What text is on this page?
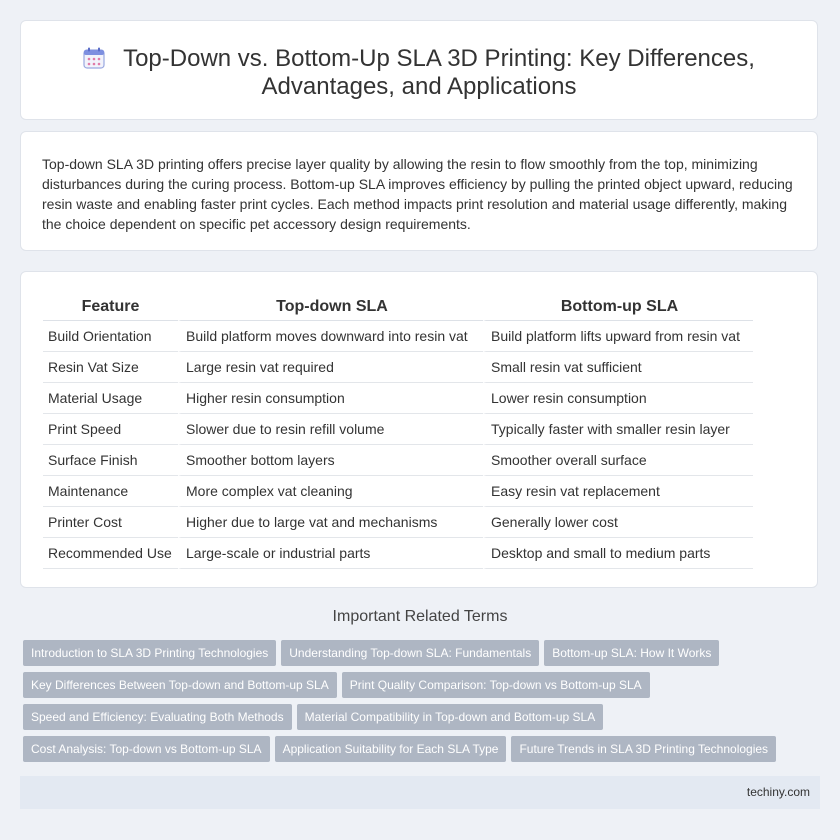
Top-Down vs. Bottom-Up SLA 3D Printing: Key Differences,
Advantages, and Applications

Top-down SLA 3D printing offers precise layer quality by allowing the resin to flow smoothly from the top, minimizing disturbances during the curing process. Bottom-up SLA improves efficiency by pulling the printed object upward, reducing resin waste and enabling faster print cycles. Each method impacts print resolution and material usage differently, making the choice dependent on specific pet accessory design requirements.

Feature	Top-down SLA	Bottom-up SLA
Build Orientation	Build platform moves downward into resin vat	Build platform lifts upward from resin vat
Resin Vat Size	Large resin vat required	Small resin vat sufficient
Material Usage	Higher resin consumption	Lower resin consumption
Print Speed	Slower due to resin refill volume	Typically faster with smaller resin layer
Surface Finish	Smoother bottom layers	Smoother overall surface
Maintenance	More complex vat cleaning	Easy resin vat replacement
Printer Cost	Higher due to large vat and mechanisms	Generally lower cost
Recommended Use	Large-scale or industrial parts	Desktop and small to medium parts
Important Related Terms
Introduction to SLA 3D Printing Technologies Understanding Top-down SLA: Fundamentals Bottom-up SLA: How It Works
Key Differences Between Top-down and Bottom-up SLA Print Quality Comparison: Top-down vs Bottom-up SLA
Speed and Efficiency: Evaluating Both Methods Material Compatibility in Top-down and Bottom-up SLA
Cost Analysis: Top-down vs Bottom-up SLA Application Suitability for Each SLA Type Future Trends in SLA 3D Printing Technologies
techiny.com
